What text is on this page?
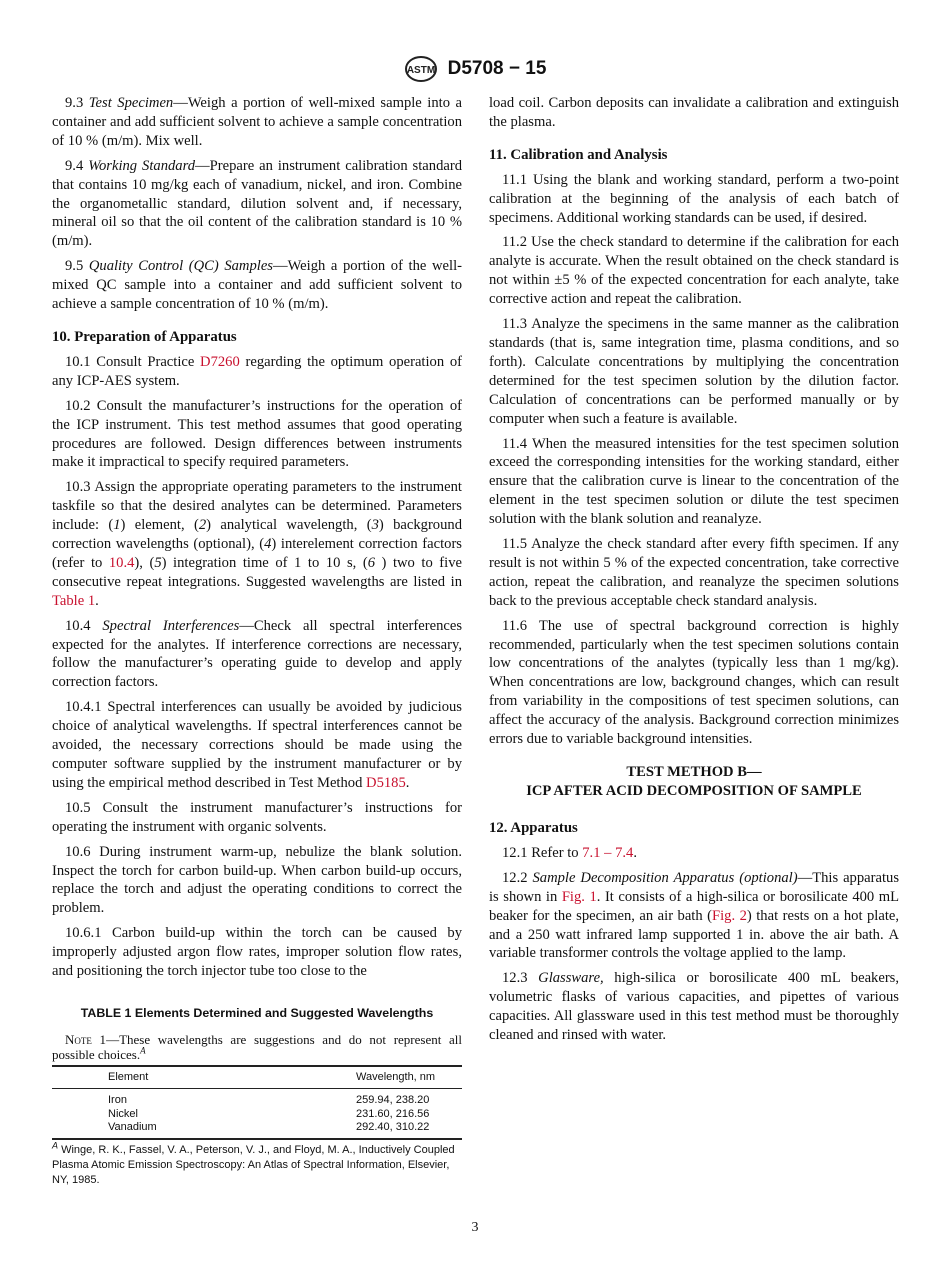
ASTM D5708 − 15
9.3 Test Specimen—Weigh a portion of well-mixed sample into a container and add sufficient solvent to achieve a sample concentration of 10 % (m/m). Mix well.
9.4 Working Standard—Prepare an instrument calibration standard that contains 10 mg/kg each of vanadium, nickel, and iron. Combine the organometallic standard, dilution solvent and, if necessary, mineral oil so that the oil content of the calibration standard is 10 % (m/m).
9.5 Quality Control (QC) Samples—Weigh a portion of the well-mixed QC sample into a container and add sufficient solvent to achieve a sample concentration of 10 % (m/m).
10. Preparation of Apparatus
10.1 Consult Practice D7260 regarding the optimum operation of any ICP-AES system.
10.2 Consult the manufacturer’s instructions for the operation of the ICP instrument. This test method assumes that good operating procedures are followed. Design differences between instruments make it impractical to specify required parameters.
10.3 Assign the appropriate operating parameters to the instrument taskfile so that the desired analytes can be determined. Parameters include: (1) element, (2) analytical wavelength, (3) background correction wavelengths (optional), (4) interelement correction factors (refer to 10.4), (5) integration time of 1 to 10 s, (6 ) two to five consecutive repeat integrations. Suggested wavelengths are listed in Table 1.
10.4 Spectral Interferences—Check all spectral interferences expected for the analytes. If interference corrections are necessary, follow the manufacturer’s operating guide to develop and apply correction factors.
10.4.1 Spectral interferences can usually be avoided by judicious choice of analytical wavelengths. If spectral interferences cannot be avoided, the necessary corrections should be made using the computer software supplied by the instrument manufacturer or by using the empirical method described in Test Method D5185.
10.5 Consult the instrument manufacturer’s instructions for operating the instrument with organic solvents.
10.6 During instrument warm-up, nebulize the blank solution. Inspect the torch for carbon build-up. When carbon build-up occurs, replace the torch and adjust the operating conditions to correct the problem.
10.6.1 Carbon build-up within the torch can be caused by improperly adjusted argon flow rates, improper solution flow rates, and positioning the torch injector tube too close to the
load coil. Carbon deposits can invalidate a calibration and extinguish the plasma.
11. Calibration and Analysis
11.1 Using the blank and working standard, perform a two-point calibration at the beginning of the analysis of each batch of specimens. Additional working standards can be used, if desired.
11.2 Use the check standard to determine if the calibration for each analyte is accurate. When the result obtained on the check standard is not within ±5 % of the expected concentration for each analyte, take corrective action and repeat the calibration.
11.3 Analyze the specimens in the same manner as the calibration standards (that is, same integration time, plasma conditions, and so forth). Calculate concentrations by multiplying the concentration determined for the test specimen solution by the dilution factor. Calculation of concentrations can be performed manually or by computer when such a feature is available.
11.4 When the measured intensities for the test specimen solution exceed the corresponding intensities for the working standard, either ensure that the calibration curve is linear to the concentration of the element in the test specimen solution or dilute the test specimen solution with the blank solution and reanalyze.
11.5 Analyze the check standard after every fifth specimen. If any result is not within 5 % of the expected concentration, take corrective action, repeat the calibration, and reanalyze the specimen solutions back to the previous acceptable check standard analysis.
11.6 The use of spectral background correction is highly recommended, particularly when the test specimen solutions contain low concentrations of the analytes (typically less than 1 mg/kg). When concentrations are low, background changes, which can result from variability in the compositions of test specimen solutions, can affect the accuracy of the analysis. Background correction minimizes errors due to variable background intensities.
TEST METHOD B—
ICP AFTER ACID DECOMPOSITION OF SAMPLE
12. Apparatus
12.1 Refer to 7.1 – 7.4.
12.2 Sample Decomposition Apparatus (optional)—This apparatus is shown in Fig. 1. It consists of a high-silica or borosilicate 400 mL beaker for the specimen, an air bath (Fig. 2) that rests on a hot plate, and a 250 watt infrared lamp supported 1 in. above the air bath. A variable transformer controls the voltage applied to the lamp.
12.3 Glassware, high-silica or borosilicate 400 mL beakers, volumetric flasks of various capacities, and pipettes of various capacities. All glassware used in this test method must be thoroughly cleaned and rinsed with water.
TABLE 1 Elements Determined and Suggested Wavelengths
Note 1—These wavelengths are suggestions and do not represent all possible choices.$^A$
Element	Wavelength, nm
Iron	259.94, 238.20
Nickel	231.60, 216.56
Vanadium	292.40, 310.22
$^A$ Winge, R. K., Fassel, V. A., Peterson, V. J., and Floyd, M. A., Inductively Coupled Plasma Atomic Emission Spectroscopy: An Atlas of Spectral Information, Elsevier, NY, 1985.
3
